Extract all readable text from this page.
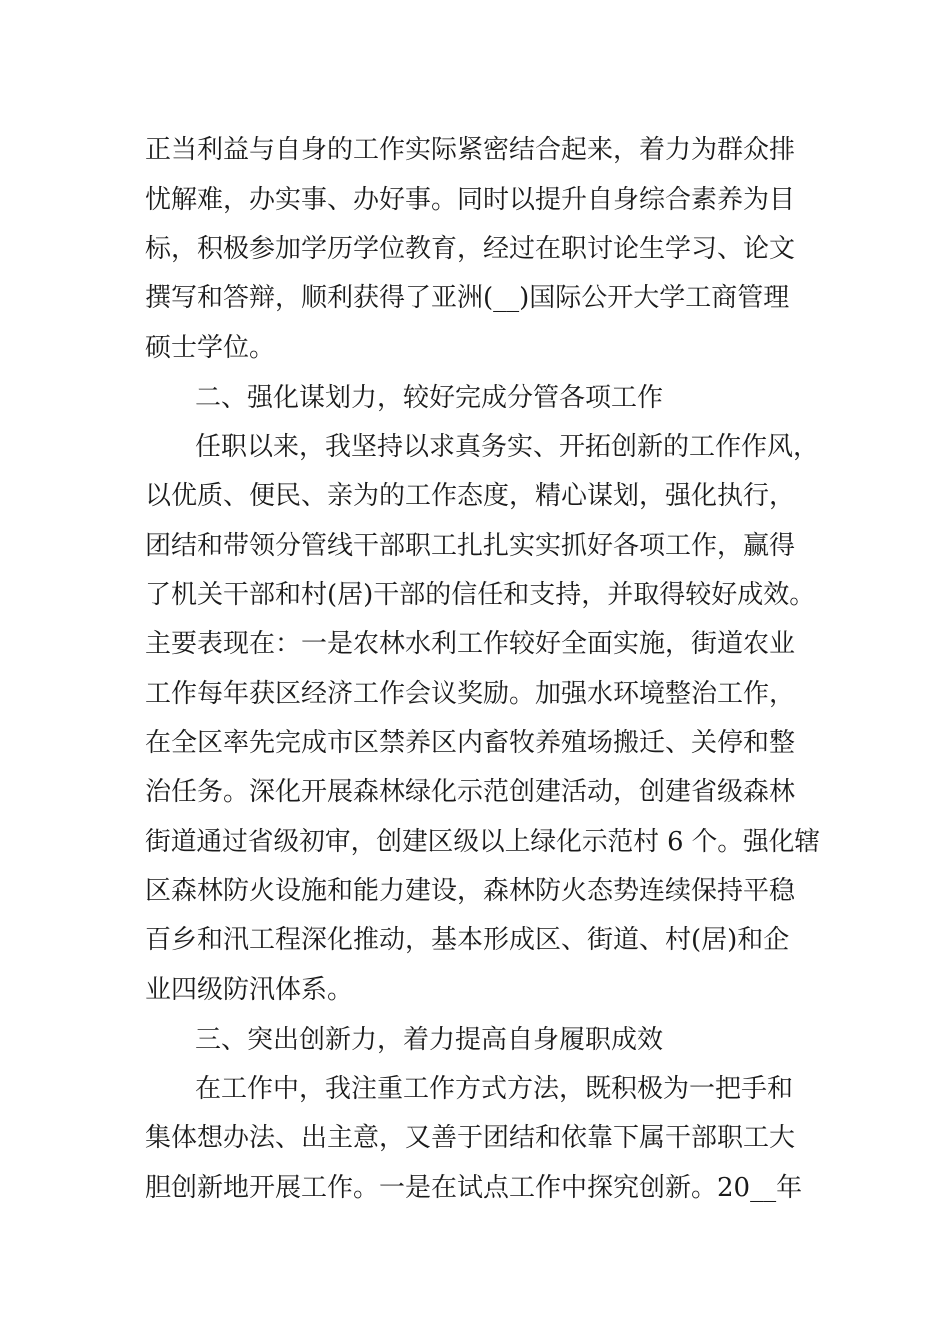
正当利益与自身的工作实际紧密结合起来，着力为群众排
忧解难，办实事、办好事。同时以提升自身综合素养为目
标，积极参加学历学位教育，经过在职讨论生学习、论文
撰写和答辩，顺利获得了亚洲(__)国际公开大学工商管理
硕士学位。
二、强化谋划力，较好完成分管各项工作
任职以来，我坚持以求真务实、开拓创新的工作作风，
以优质、便民、亲为的工作态度，精心谋划，强化执行，
团结和带领分管线干部职工扎扎实实抓好各项工作，赢得
了机关干部和村(居)干部的信任和支持，并取得较好成效。
主要表现在：一是农林水利工作较好全面实施，街道农业
工作每年获区经济工作会议奖励。加强水环境整治工作，
在全区率先完成市区禁养区内畜牧养殖场搬迁、关停和整
治任务。深化开展森林绿化示范创建活动，创建省级森林
街道通过省级初审，创建区级以上绿化示范村 6 个。强化辖
区森林防火设施和能力建设，森林防火态势连续保持平稳
百乡和汛工程深化推动，基本形成区、街道、村(居)和企
业四级防汛体系。
三、突出创新力，着力提高自身履职成效
在工作中，我注重工作方式方法，既积极为一把手和
集体想办法、出主意，又善于团结和依靠下属干部职工大
胆创新地开展工作。一是在试点工作中探究创新。20__年
